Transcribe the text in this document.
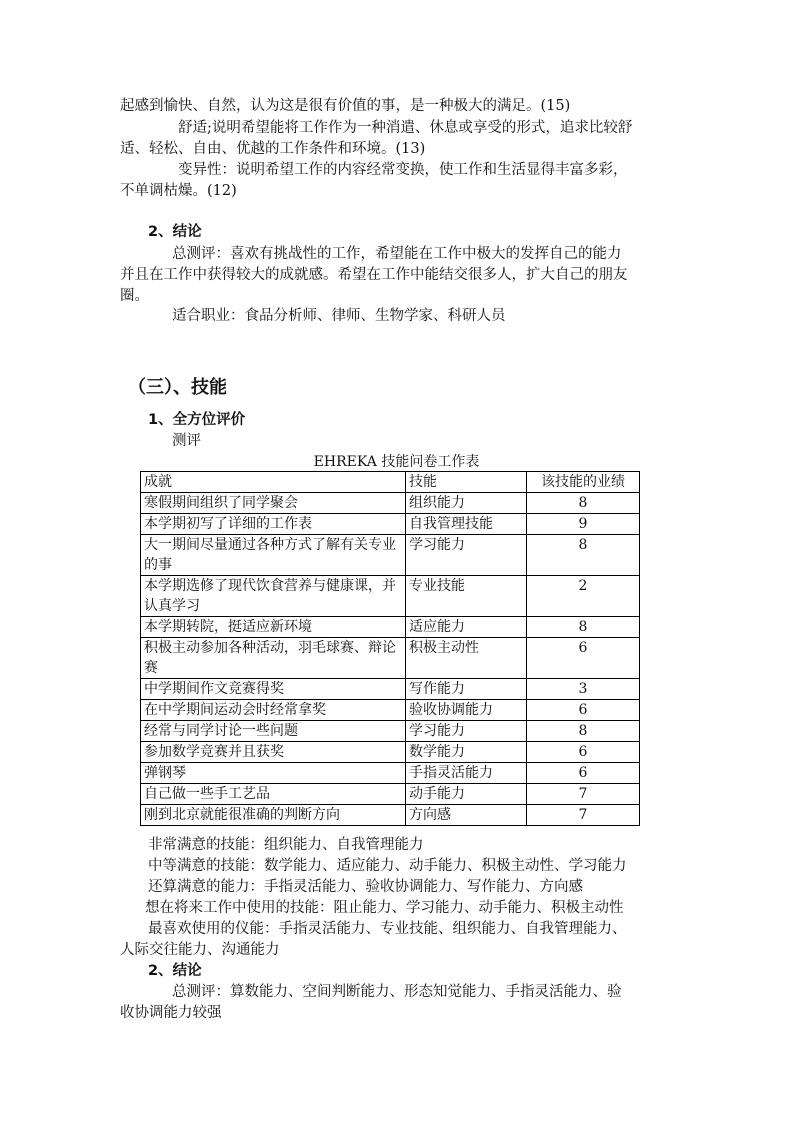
起感到愉快、自然，认为这是很有价值的事，是一种极大的满足。(15)
舒适;说明希望能将工作作为一种消遣、休息或享受的形式，追求比较舒
适、轻松、自由、优越的工作条件和环境。(13)
变异性：说明希望工作的内容经常变换，使工作和生活显得丰富多彩，
不单调枯燥。(12)
2、结论
总测评：喜欢有挑战性的工作，希望能在工作中极大的发挥自己的能力
并且在工作中获得较大的成就感。希望在工作中能结交很多人，扩大自己的朋友
圈。
适合职业：食品分析师、律师、生物学家、科研人员
（三）、技能
1、全方位评价
测评
EHREKA 技能问卷工作表
成就	技能	该技能的业绩
寒假期间组织了同学聚会	组织能力	8
本学期初写了详细的工作表	自我管理技能	9
大一期间尽量通过各种方式了解有关专业的事	学习能力	8
本学期选修了现代饮食营养与健康课，并认真学习	专业技能	2
本学期转院，挺适应新环境	适应能力	8
积极主动参加各种活动，羽毛球赛、辩论赛	积极主动性	6
中学期间作文竞赛得奖	写作能力	3
在中学期间运动会时经常拿奖	验收协调能力	6
经常与同学讨论一些问题	学习能力	8
参加数学竞赛并且获奖	数学能力	6
弹钢琴	手指灵活能力	6
自己做一些手工艺品	动手能力	7
刚到北京就能很准确的判断方向	方向感	7
非常满意的技能：组织能力、自我管理能力
中等满意的技能：数学能力、适应能力、动手能力、积极主动性、学习能力
还算满意的能力：手指灵活能力、验收协调能力、写作能力、方向感
想在将来工作中使用的技能：阻止能力、学习能力、动手能力、积极主动性
最喜欢使用的仪能：手指灵活能力、专业技能、组织能力、自我管理能力、
人际交往能力、沟通能力
2、结论
总测评：算数能力、空间判断能力、形态知觉能力、手指灵活能力、验
收协调能力较强
